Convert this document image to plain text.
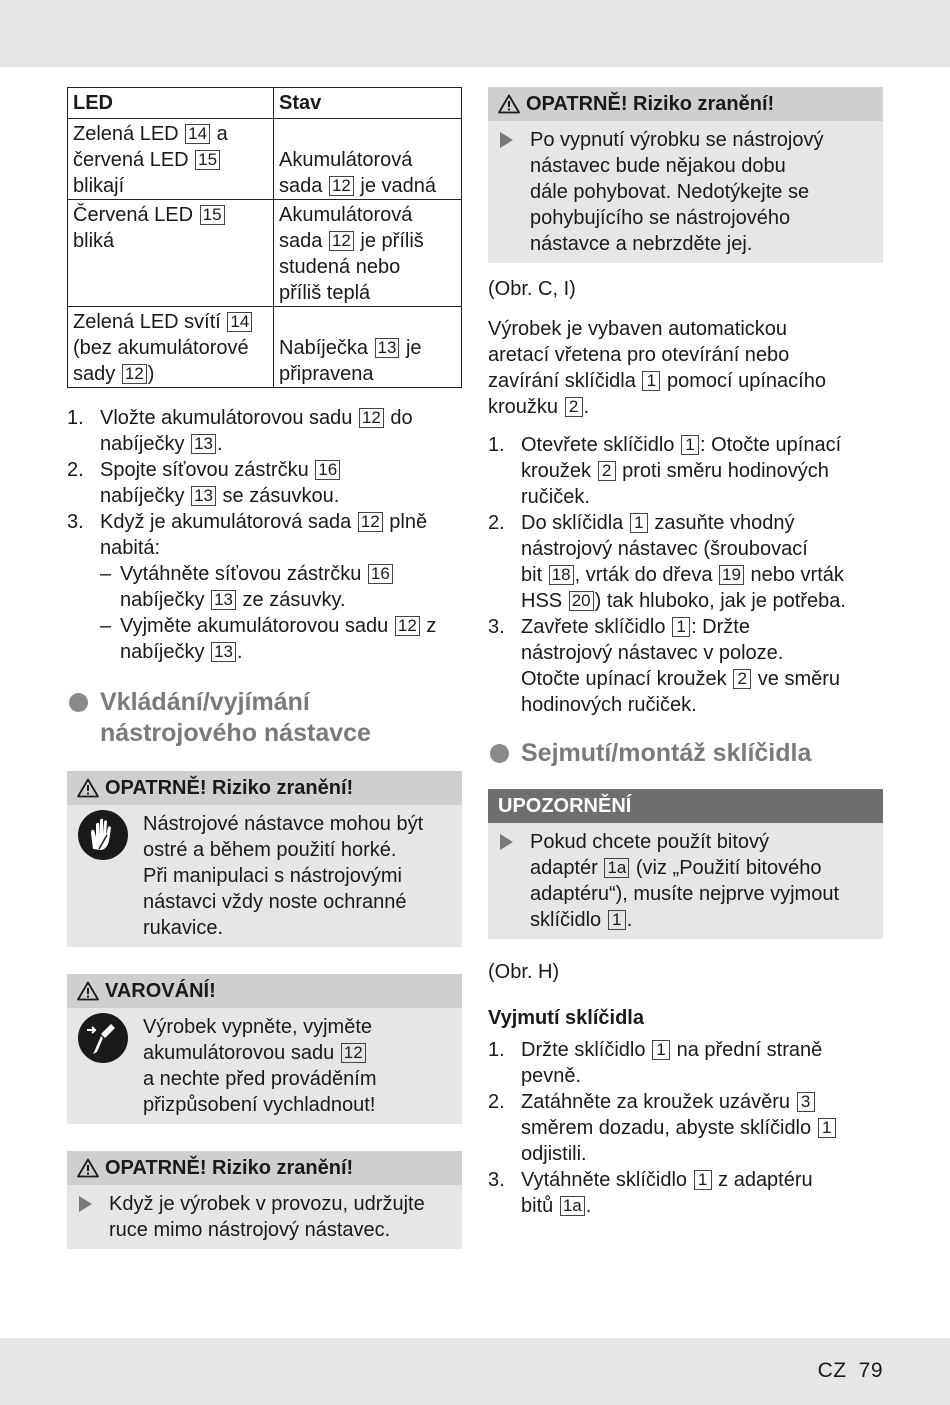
LED	Stav
Zelená LED 14 a
červená LED 15
blikají	Akumulátorová
sada 12 je vadná
Červená LED 15
bliká	Akumulátorová
sada 12 je příliš
studená nebo
příliš teplá
Zelená LED svítí 14
(bez akumulátorové
sady 12 )	Nabíječka 13 je
připravena
1. Vložte akumulátorovou sadu 12 do
nabíječky 13 .
2. Spojte síťovou zástrčku 16
nabíječky 13 se zásuvkou.
3. Když je akumulátorová sada 12 plně
nabitá:
– Vytáhněte síťovou zástrčku 16
nabíječky 13 ze zásuvky.
– Vyjměte akumulátorovou sadu 12 z
nabíječky 13 .
Vkládání/vyjímání
nástrojového nástavce
OPATRNĚ! Riziko zranění!
Nástrojové nástavce mohou být
ostré a během použití horké.
Při manipulaci s nástrojovými
nástavci vždy noste ochranné
rukavice.
VAROVÁNÍ!
Výrobek vypněte, vyjměte
akumulátorovou sadu 12
a nechte před prováděním
přizpůsobení vychladnout!
OPATRNĚ! Riziko zranění!
Když je výrobek v provozu, udržujte
ruce mimo nástrojový nástavec.
OPATRNĚ! Riziko zranění!
Po vypnutí výrobku se nástrojový
nástavec bude nějakou dobu
dále pohybovat. Nedotýkejte se
pohybujícího se nástrojového
nástavce a nebrzděte jej.

(Obr. C, I)

Výrobek je vybaven automatickou
aretací vřetena pro otevírání nebo
zavírání sklíčidla 1 pomocí upínacího
kroužku 2 .

1. Otevřete sklíčidlo 1 : Otočte upínací
kroužek 2 proti směru hodinových
ručiček.
2. Do sklíčidla 1 zasuňte vhodný
nástrojový nástavec (šroubovací
bit 18 , vrták do dřeva 19 nebo vrták
HSS 20 ) tak hluboko, jak je potřeba.
3. Zavřete sklíčidlo 1 : Držte
nástrojový nástavec v poloze.
Otočte upínací kroužek 2 ve směru
hodinových ručiček.
Sejmutí/montáž sklíčidla
UPOZORNĚNÍ
Pokud chcete použít bitový
adaptér 1a (viz „Použití bitového
adaptéru“), musíte nejprve vyjmout
sklíčidlo 1 .

(Obr. H)

Vyjmutí sklíčidla

1. Držte sklíčidlo 1 na přední straně
pevně.
2. Zatáhněte za kroužek uzávěru 3
směrem dozadu, abyste sklíčidlo 1
odjistili.
3. Vytáhněte sklíčidlo 1 z adaptéru
bitů 1a .
CZ 79
